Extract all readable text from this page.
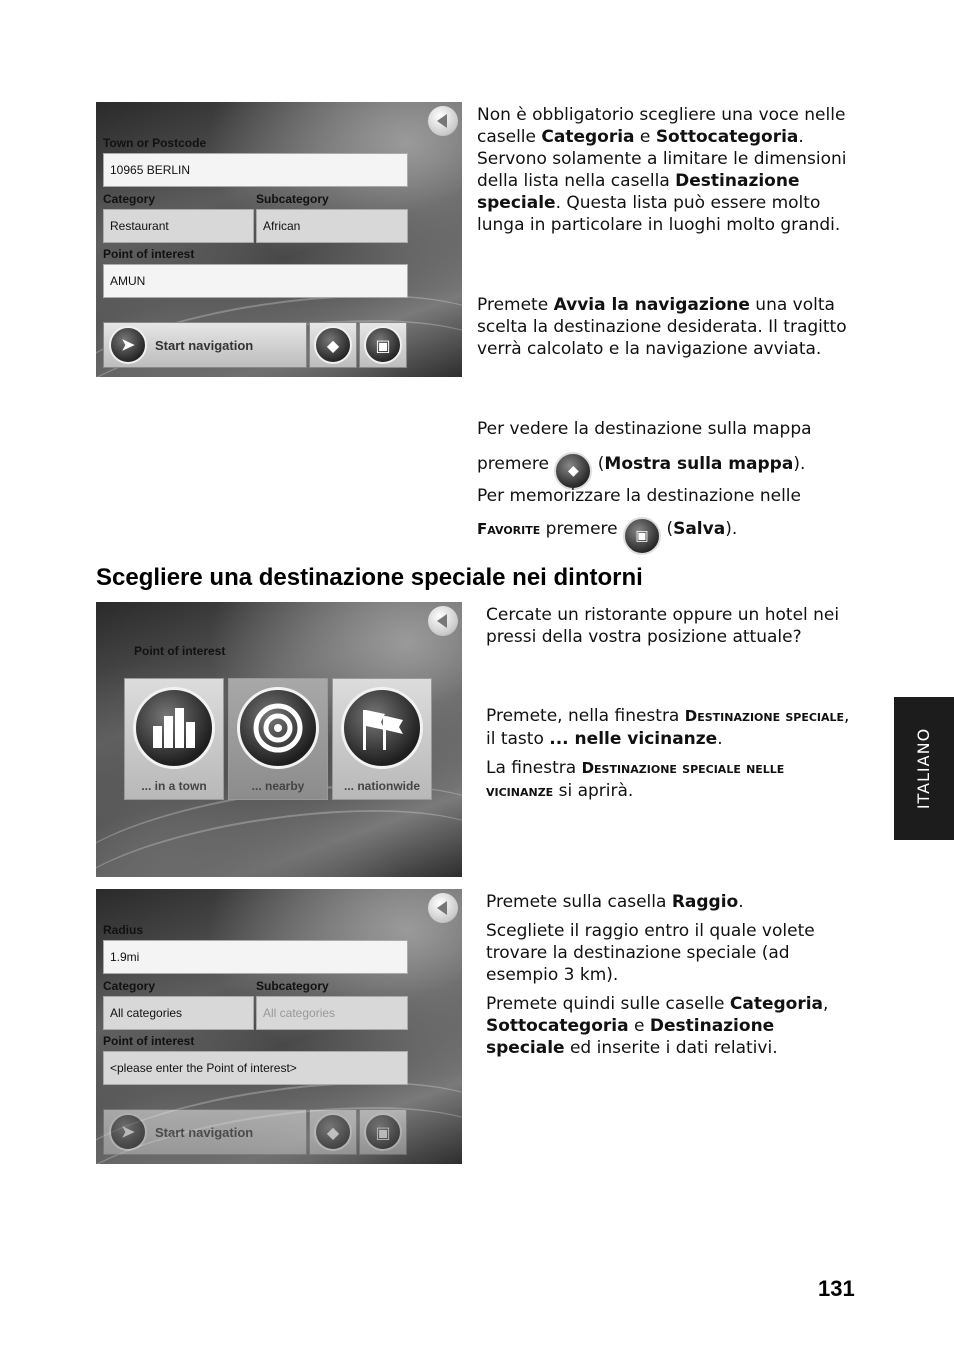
Town or Postcode
10965 BERLIN
Category	Subcategory
Restaurant	African
Point of interest
AMUN
➤	Start navigation	◆	▣

Non è obbligatorio scegliere una voce nelle caselle Categoria e Sottocategoria. Servono solamente a limitare le dimensioni della lista nella casella Destinazione speciale. Questa lista può essere molto lunga in particolare in luoghi molto grandi.

Premete Avvia la navigazione una volta scelta la destinazione desiderata. Il tragitto verrà calcolato e la navigazione avviata.

Per vedere la destinazione sulla mappa

premere ◆ (Mostra sulla mappa).

Per memorizzare la destinazione nelle

Favorite premere ▣ (Salva).

Scegliere una destinazione speciale nei dintorni
Point of interest
... in a town	... nearby	... nationwide

Cercate un ristorante oppure un hotel nei pressi della vostra posizione attuale?

Premete, nella finestra Destinazione speciale, il tasto ... nelle vicinanze.

La finestra Destinazione speciale nelle vicinanze si aprirà.

Radius
1.9mi
Category	Subcategory
All categories	All categories
Point of interest
<please enter the Point of interest>
➤	Start navigation	◆	▣

Premete sulla casella Raggio.

Scegliete il raggio entro il quale volete trovare la destinazione speciale (ad esempio 3 km).

Premete quindi sulle caselle Categoria, Sottocategoria e Destinazione speciale ed inserite i dati relativi.

ITALIANO
131
